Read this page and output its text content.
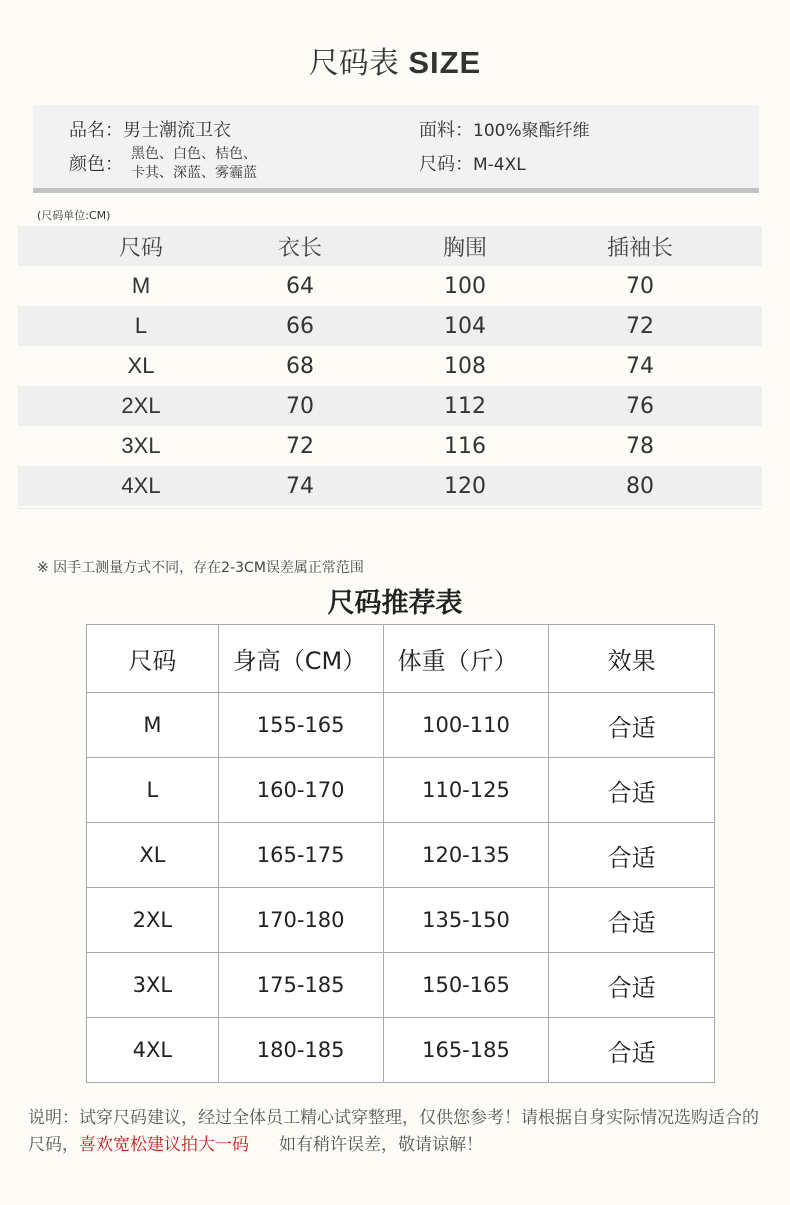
尺码表 SIZE
品名：男士潮流卫衣	面料：100%聚酯纤维
颜色： 黑色、白色、桔色、
卡其、深蓝、雾霾蓝	尺码：M-4XL
(尺码单位:CM)
尺码	衣长	胸围	插袖长
M	64	100	70
L	66	104	72
XL	68	108	74
2XL	70	112	76
3XL	72	116	78
4XL	74	120	80
※ 因手工测量方式不同，存在2-3CM误差属正常范围
尺码推荐表
尺码	身高（CM）	体重（斤）	效果
M	155-165	100-110	合适
L	160-170	110-125	合适
XL	165-175	120-135	合适
2XL	170-180	135-150	合适
3XL	175-185	150-165	合适
4XL	180-185	165-185	合适
说明：试穿尺码建议，经过全体员工精心试穿整理，仅供您参考！请根据自身实际情况选购适合的尺码，喜欢宽松建议拍大一码 如有稍许误差，敬请谅解！
